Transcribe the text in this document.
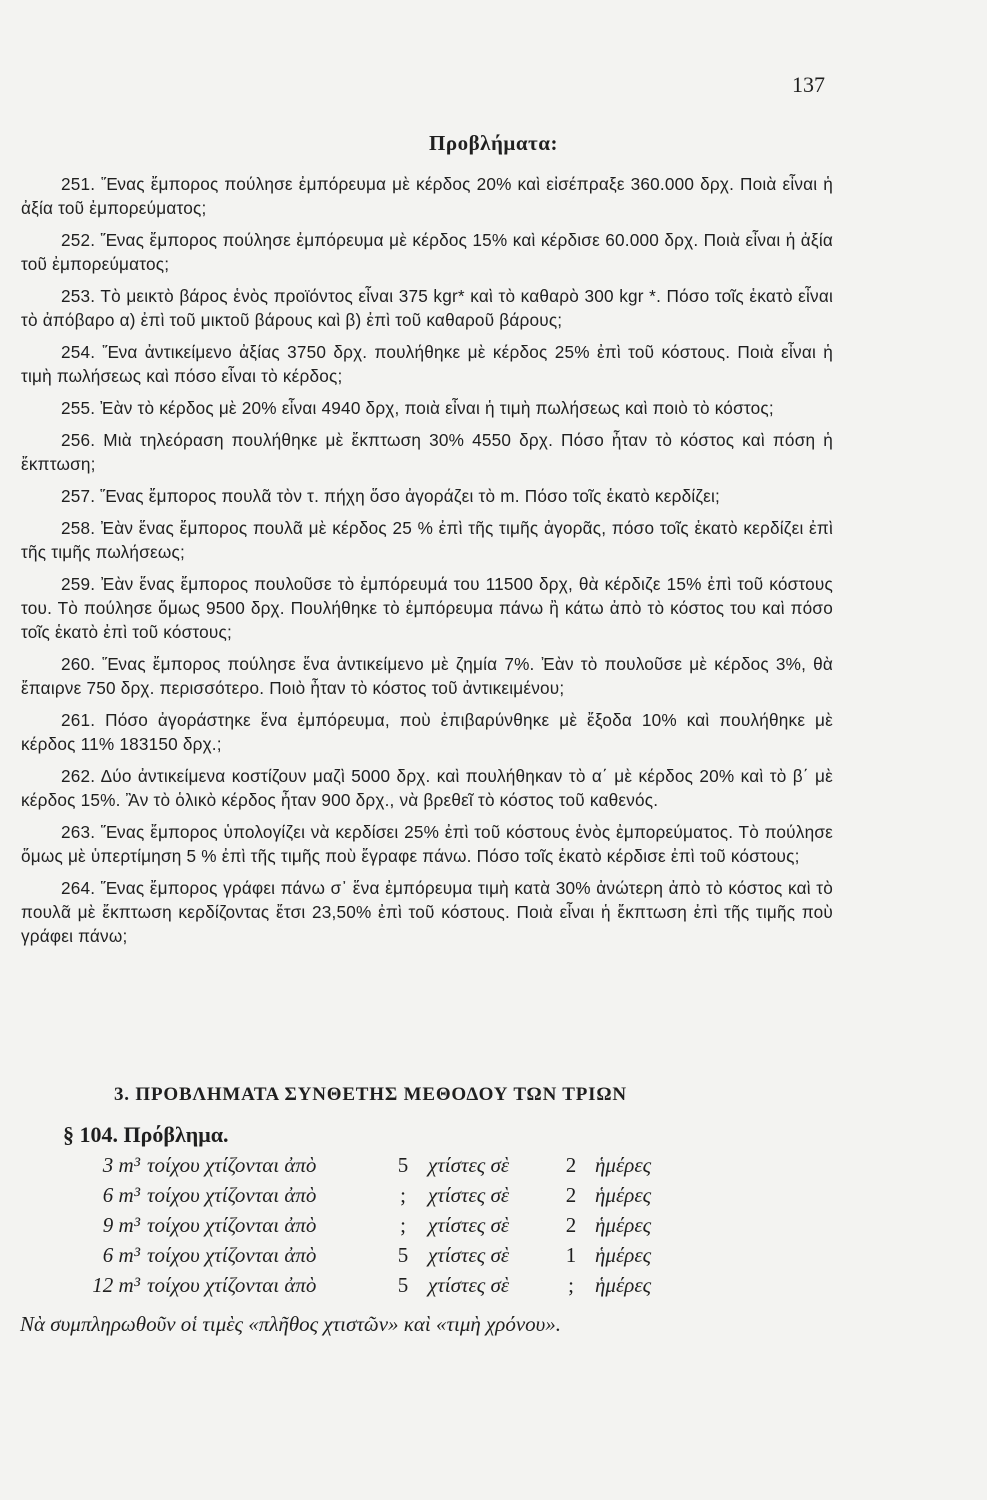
137
Προβλήματα:
251. Ἕνας ἔμπορος πούλησε ἐμπόρευμα μὲ κέρδος 20% καὶ εἰσέπραξε 360.000 δρχ. Ποιὰ εἶναι ἡ ἀξία τοῦ ἐμπορεύματος;
252. Ἕνας ἔμπορος πούλησε ἐμπόρευμα μὲ κέρδος 15% καὶ κέρδισε 60.000 δρχ. Ποιὰ εἶναι ἡ ἀξία τοῦ ἐμπορεύματος;
253. Τὸ μεικτὸ βάρος ἑνὸς προϊόντος εἶναι 375 kgr* καὶ τὸ καθαρὸ 300 kgr *. Πόσο τοῖς ἑκατὸ εἶναι τὸ ἀπόβαρο α) ἐπὶ τοῦ μικτοῦ βάρους καὶ β) ἐπὶ τοῦ καθαροῦ βάρους;
254. Ἕνα ἀντικείμενο ἀξίας 3750 δρχ. πουλήθηκε μὲ κέρδος 25% ἐπὶ τοῦ κόστους. Ποιὰ εἶναι ἡ τιμὴ πωλήσεως καὶ πόσο εἶναι τὸ κέρδος;
255. Ἐὰν τὸ κέρδος μὲ 20% εἶναι 4940 δρχ, ποιὰ εἶναι ἡ τιμὴ πωλήσεως καὶ ποιὸ τὸ κόστος;
256. Μιὰ τηλεόραση πουλήθηκε μὲ ἔκπτωση 30% 4550 δρχ. Πόσο ἦταν τὸ κόστος καὶ πόση ἡ ἔκπτωση;
257. Ἕνας ἔμπορος πουλᾶ τὸν τ. πήχη ὅσο ἀγοράζει τὸ m. Πόσο τοῖς ἑκατὸ κερδίζει;
258. Ἐὰν ἕνας ἔμπορος πουλᾶ μὲ κέρδος 25 % ἐπὶ τῆς τιμῆς ἀγορᾶς, πόσο τοῖς ἑκατὸ κερδίζει ἐπὶ τῆς τιμῆς πωλήσεως;
259. Ἐὰν ἕνας ἔμπορος πουλοῦσε τὸ ἐμπόρευμά του 11500 δρχ, θὰ κέρδιζε 15% ἐπὶ τοῦ κόστους του. Τὸ πούλησε ὅμως 9500 δρχ. Πουλήθηκε τὸ ἐμπόρευμα πάνω ἢ κάτω ἀπὸ τὸ κόστος του καὶ πόσο τοῖς ἑκατὸ ἐπὶ τοῦ κόστους;
260. Ἕνας ἔμπορος πούλησε ἕνα ἀντικείμενο μὲ ζημία 7%. Ἐὰν τὸ πουλοῦσε μὲ κέρδος 3%, θὰ ἔπαιρνε 750 δρχ. περισσότερο. Ποιὸ ἦταν τὸ κόστος τοῦ ἀντικειμένου;
261. Πόσο ἀγοράστηκε ἕνα ἐμπόρευμα, ποὺ ἐπιβαρύνθηκε μὲ ἔξοδα 10% καὶ πουλήθηκε μὲ κέρδος 11% 183150 δρχ.;
262. Δύο ἀντικείμενα κοστίζουν μαζὶ 5000 δρχ. καὶ πουλήθηκαν τὸ α΄ μὲ κέρδος 20% καὶ τὸ β΄ μὲ κέρδος 15%. Ἂν τὸ ὁλικὸ κέρδος ἦταν 900 δρχ., νὰ βρεθεῖ τὸ κόστος τοῦ καθενός.
263. Ἕνας ἔμπορος ὑπολογίζει νὰ κερδίσει 25% ἐπὶ τοῦ κόστους ἑνὸς ἐμπορεύματος. Τὸ πούλησε ὅμως μὲ ὑπερτίμηση 5 % ἐπὶ τῆς τιμῆς ποὺ ἔγραφε πάνω. Πόσο τοῖς ἑκατὸ κέρδισε ἐπὶ τοῦ κόστους;
264. Ἕνας ἔμπορος γράφει πάνω σ᾽ ἕνα ἐμπόρευμα τιμὴ κατὰ 30% ἀνώτερη ἀπὸ τὸ κόστος καὶ τὸ πουλᾶ μὲ ἔκπτωση κερδίζοντας ἔτσι 23,50% ἐπὶ τοῦ κόστους. Ποιὰ εἶναι ἡ ἔκπτωση ἐπὶ τῆς τιμῆς ποὺ γράφει πάνω;
3. ΠΡΟΒΛΗΜΑΤΑ ΣΥΝΘΕΤΗΣ ΜΕΘΟΔΟΥ ΤΩΝ ΤΡΙΩΝ
§ 104. Πρόβλημα.
3 m³ τοίχου χτίζονται ἀπὸ	5 χτίστες σὲ	2 ἡμέρες
6 m³ τοίχου χτίζονται ἀπὸ	;	χτίστες σὲ	2 ἡμέρες
9 m³ τοίχου χτίζονται ἀπὸ	;	χτίστες σὲ	2 ἡμέρες
6 m³ τοίχου χτίζονται ἀπὸ	5 χτίστες σὲ	1 ἡμέρες
12 m³ τοίχου χτίζονται ἀπὸ	5 χτίστες σὲ	;	ἡμέρες
Νὰ συμπληρωθοῦν οἱ τιμὲς «πλῆθος χτιστῶν» καὶ «τιμὴ χρόνου».
